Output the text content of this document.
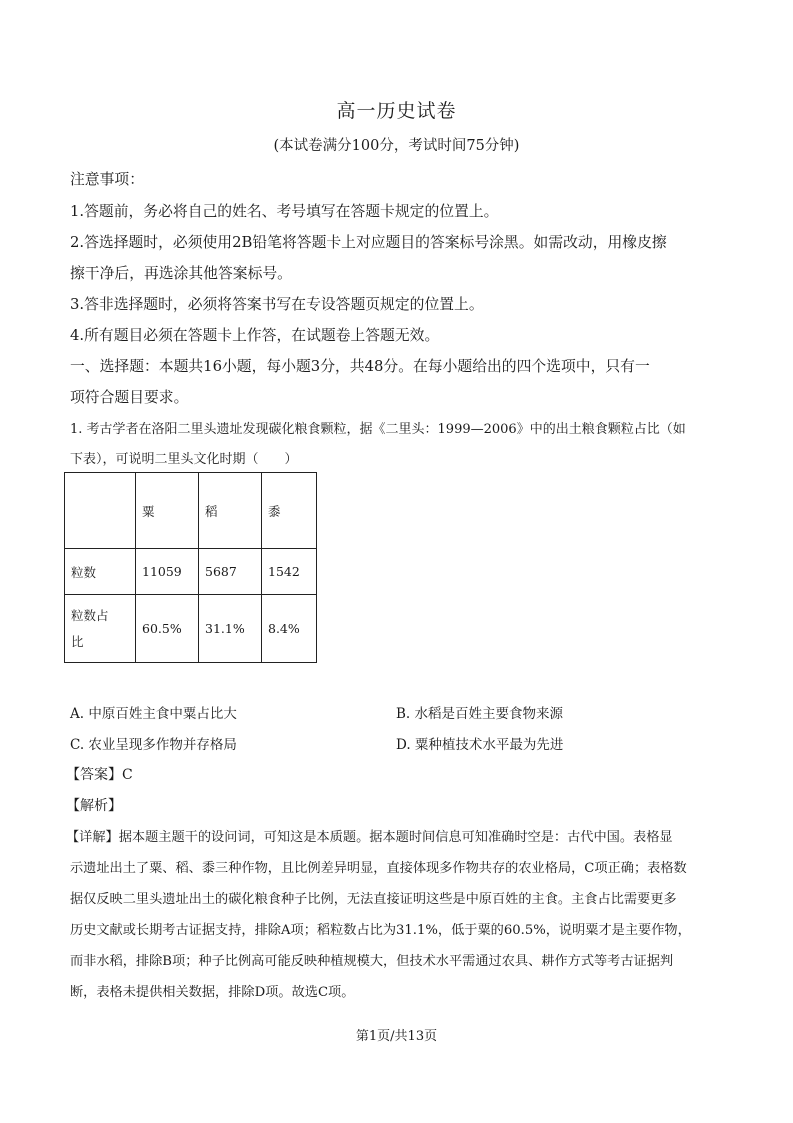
高一历史试卷
(本试卷满分100分，考试时间75分钟)
注意事项：
1.答题前，务必将自己的姓名、考号填写在答题卡规定的位置上。
2.答选择题时，必须使用2B铅笔将答题卡上对应题目的答案标号涂黑。如需改动，用橡皮擦
擦干净后，再选涂其他答案标号。
3.答非选择题时，必须将答案书写在专设答题页规定的位置上。
4.所有题目必须在答题卡上作答，在试题卷上答题无效。
一、选择题：本题共16小题，每小题3分，共48分。在每小题给出的四个选项中，只有一
项符合题目要求。
1. 考古学者在洛阳二里头遗址发现碳化粮食颗粒，据《二里头：1999—2006》中的出土粮食颗粒占比（如
下表），可说明二里头文化时期（　　）
	粟	稻	黍
粒数	11059	5687	1542
粒数占
比	60.5%	31.1%	8.4%
A. 中原百姓主食中粟占比大	B. 水稻是百姓主要食物来源
C. 农业呈现多作物并存格局	D. 粟种植技术水平最为先进
【答案】C
【解析】
【详解】据本题主题干的设问词，可知这是本质题。据本题时间信息可知准确时空是：古代中国。表格显
示遗址出土了粟、稻、黍三种作物，且比例差异明显，直接体现多作物共存的农业格局，C项正确；表格数
据仅反映二里头遗址出土的碳化粮食种子比例，无法直接证明这些是中原百姓的主食。主食占比需要更多
历史文献或长期考古证据支持，排除A项；稻粒数占比为31.1%，低于粟的60.5%，说明粟才是主要作物，
而非水稻，排除B项；种子比例高可能反映种植规模大，但技术水平需通过农具、耕作方式等考古证据判
断，表格未提供相关数据，排除D项。故选C项。
第1页/共13页
